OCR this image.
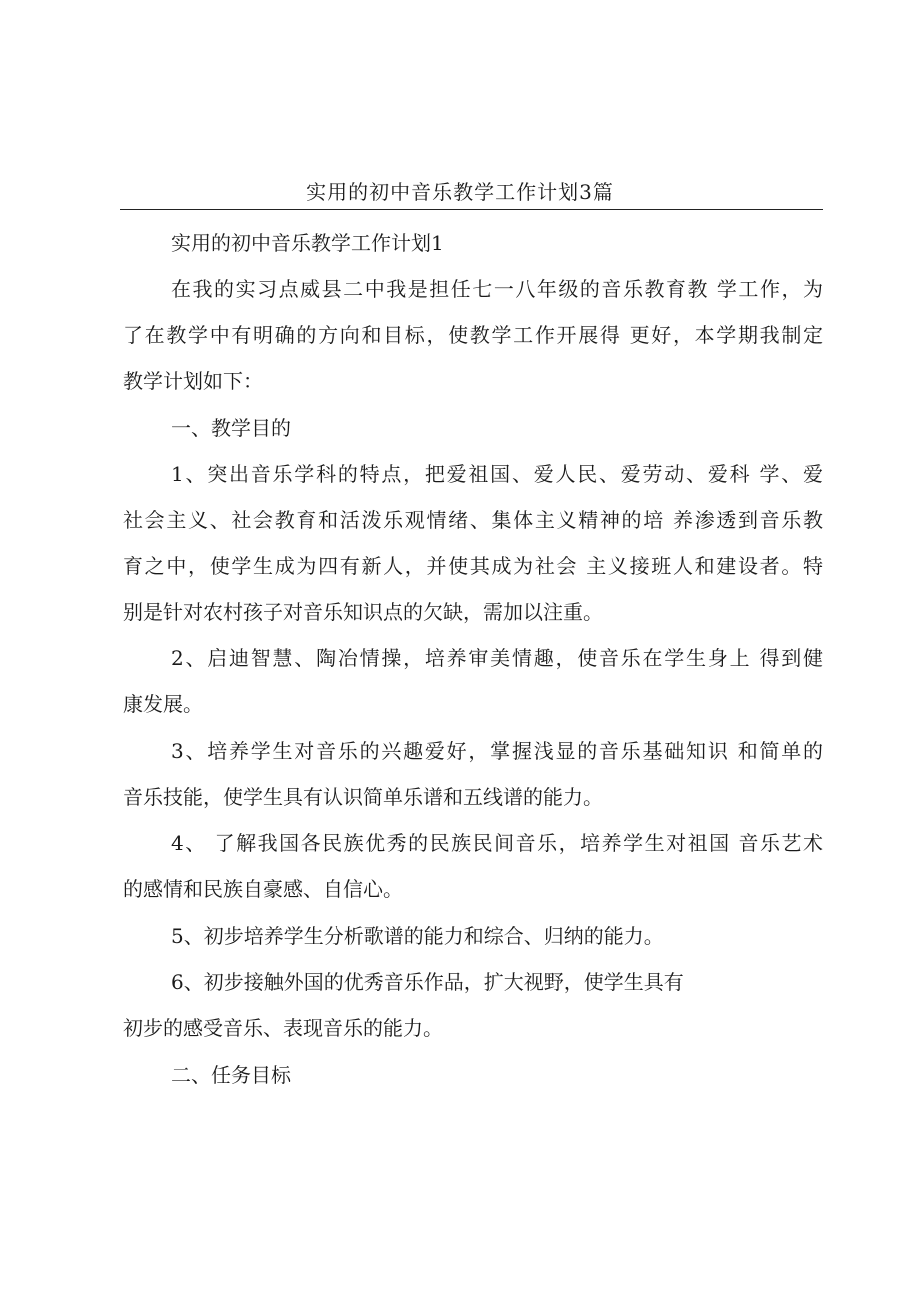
实用的初中音乐教学工作计划3篇
实用的初中音乐教学工作计划1
在我的实习点威县二中我是担任七一八年级的音乐教育教 学工作，为
了在教学中有明确的方向和目标，使教学工作开展得 更好，本学期我制定
教学计划如下：
一、教学目的
1、突出音乐学科的特点，把爱祖国、爱人民、爱劳动、爱科 学、爱
社会主义、社会教育和活泼乐观情绪、集体主义精神的培 养渗透到音乐教
育之中，使学生成为四有新人，并使其成为社会 主义接班人和建设者。特
别是针对农村孩子对音乐知识点的欠缺，需加以注重。
2、启迪智慧、陶冶情操，培养审美情趣，使音乐在学生身上 得到健
康发展。
3、培养学生对音乐的兴趣爱好，掌握浅显的音乐基础知识 和简单的
音乐技能，使学生具有认识简单乐谱和五线谱的能力。
4、 了解我国各民族优秀的民族民间音乐，培养学生对祖国 音乐艺术
的感情和民族自豪感、自信心。
5、初步培养学生分析歌谱的能力和综合、归纳的能力。
6、初步接触外国的优秀音乐作品，扩大视野，使学生具有
初步的感受音乐、表现音乐的能力。
二、任务目标
